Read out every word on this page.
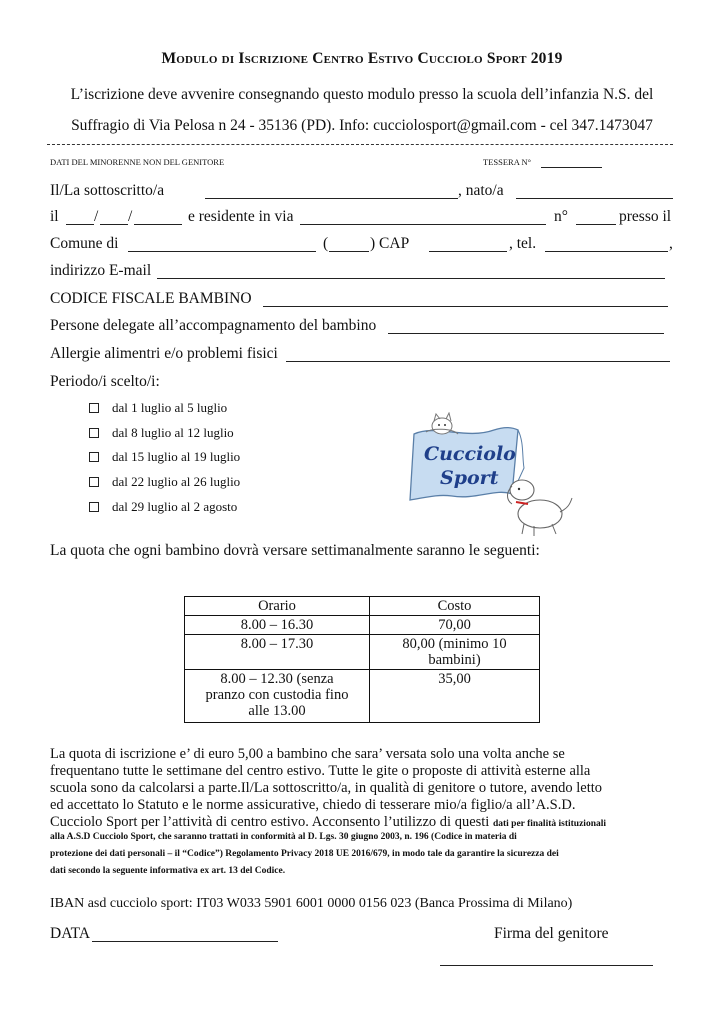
Modulo di Iscrizione Centro Estivo Cucciolo Sport 2019
L’iscrizione deve avvenire consegnando questo modulo presso la scuola dell’infanzia N.S. del
Suffragio di Via Pelosa n 24 - 35136 (PD). Info: cucciolosport@gmail.com - cel 347.1473047
DATI DEL MINORENNE NON DEL GENITORE	TESSERA N°
Il/La sottoscritto/a	, nato/a
il / /	e residente in via	n°	presso il
Comune di	(	) CAP	, tel.	,
indirizzo E-mail
CODICE FISCALE BAMBINO
Persone delegate all’accompagnamento del bambino
Allergie alimentri e/o problemi fisici
Periodo/i scelto/i:
dal 1 luglio al 5 luglio
dal 8 luglio al 12 luglio
dal 15 luglio al 19 luglio
dal 22 luglio al 26 luglio
dal 29 luglio al 2 agosto
Cucciolo
Sport
La quota che ogni bambino dovrà versare settimanalmente saranno le seguenti:
Orario	Costo

8.00 – 16.30	70,00

8.00 – 17.30	80,00 (minimo 10
bambini)

8.00 – 12.30 (senza
pranzo con custodia fino
alle 13.00	35,00
La quota di iscrizione e’ di euro 5,00 a bambino che sara’ versata solo una volta anche se
frequentano tutte le settimane del centro estivo. Tutte le gite o proposte di attività esterne alla
scuola sono da calcolarsi a parte.Il/La sottoscritto/a, in qualità di genitore o tutore, avendo letto
ed accettato lo Statuto e le norme assicurative, chiedo di tesserare mio/a figlio/a all’A.S.D.
Cucciolo Sport per l’attività di centro estivo. Acconsento l’utilizzo di questi dati per finalità istituzionali
alla A.S.D Cucciolo Sport, che saranno trattati in conformità al D. Lgs. 30 giugno 2003, n. 196 (Codice in materia di
protezione dei dati personali – il “Codice”) Regolamento Privacy 2018 UE 2016/679, in modo tale da garantire la sicurezza dei
dati secondo la seguente informativa ex art. 13 del Codice.
IBAN asd cucciolo sport: IT03 W033 5901 6001 0000 0156 023 (Banca Prossima di Milano)
DATA	Firma del genitore
